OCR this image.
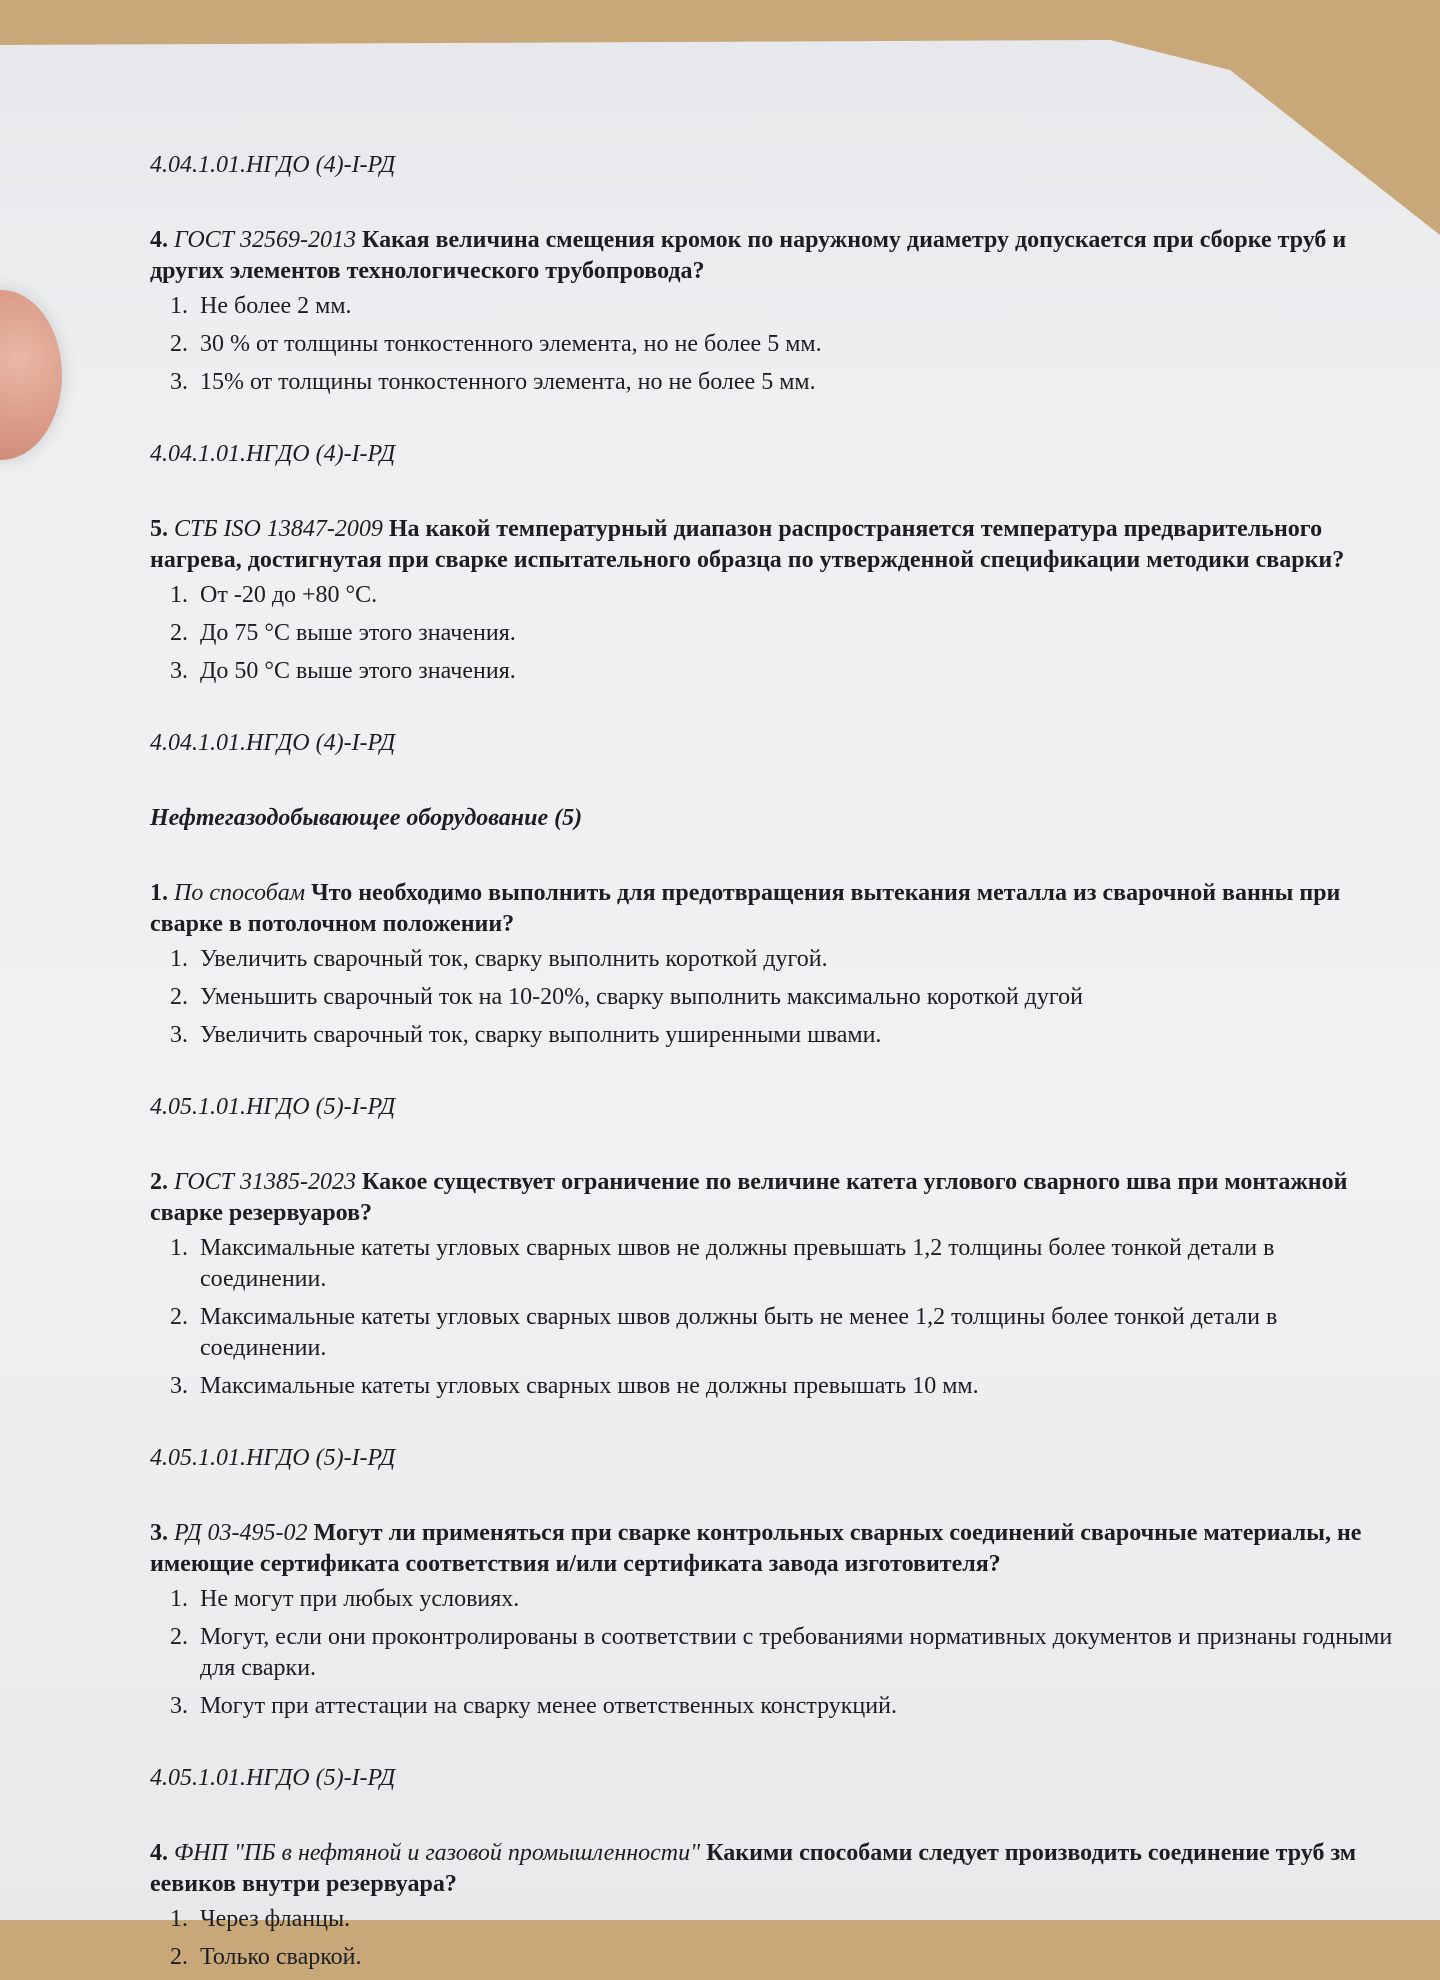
4.04.1.01.НГДО (4)-I-РД

4. ГОСТ 32569-2013 Какая величина смещения кромок по наружному диаметру допускается при сборке труб и других элементов технологического трубопровода?

1. Не более 2 мм.
2. 30 % от толщины тонкостенного элемента, но не более 5 мм.
3. 15% от толщины тонкостенного элемента, но не более 5 мм.

4.04.1.01.НГДО (4)-I-РД

5. СТБ ISO 13847-2009 На какой температурный диапазон распространяется температура предварительного нагрева, достигнутая при сварке испытательного образца по утвержденной спецификации методики сварки?

1. От -20 до +80 °С.
2. До 75 °С выше этого значения.
3. До 50 °С выше этого значения.

4.04.1.01.НГДО (4)-I-РД

Нефтегазодобывающее оборудование (5)

1. По способам Что необходимо выполнить для предотвращения вытекания металла из сварочной ванны при сварке в потолочном положении?

1. Увеличить сварочный ток, сварку выполнить короткой дугой.
2. Уменьшить сварочный ток на 10-20%, сварку выполнить максимально короткой дугой
3. Увеличить сварочный ток, сварку выполнить уширенными швами.

4.05.1.01.НГДО (5)-I-РД

2. ГОСТ 31385-2023 Какое существует ограничение по величине катета углового сварного шва при монтажной сварке резервуаров?

1. Максимальные катеты угловых сварных швов не должны превышать 1,2 толщины более тонкой детали в соединении.
2. Максимальные катеты угловых сварных швов должны быть не менее 1,2 толщины более тонкой детали в соединении.
3. Максимальные катеты угловых сварных швов не должны превышать 10 мм.

4.05.1.01.НГДО (5)-I-РД

3. РД 03-495-02 Могут ли применяться при сварке контрольных сварных соединений сварочные материалы, не имеющие сертификата соответствия и/или сертификата завода изготовителя?

1. Не могут при любых условиях.
2. Могут, если они проконтролированы в соответствии с требованиями нормативных документов и признаны годными для сварки.
3. Могут при аттестации на сварку менее ответственных конструкций.

4.05.1.01.НГДО (5)-I-РД

4. ФНП "ПБ в нефтяной и газовой промышленности" Какими способами следует производить соединение труб зм еевиков внутри резервуара?

1. Через фланцы.
2. Только сваркой.
